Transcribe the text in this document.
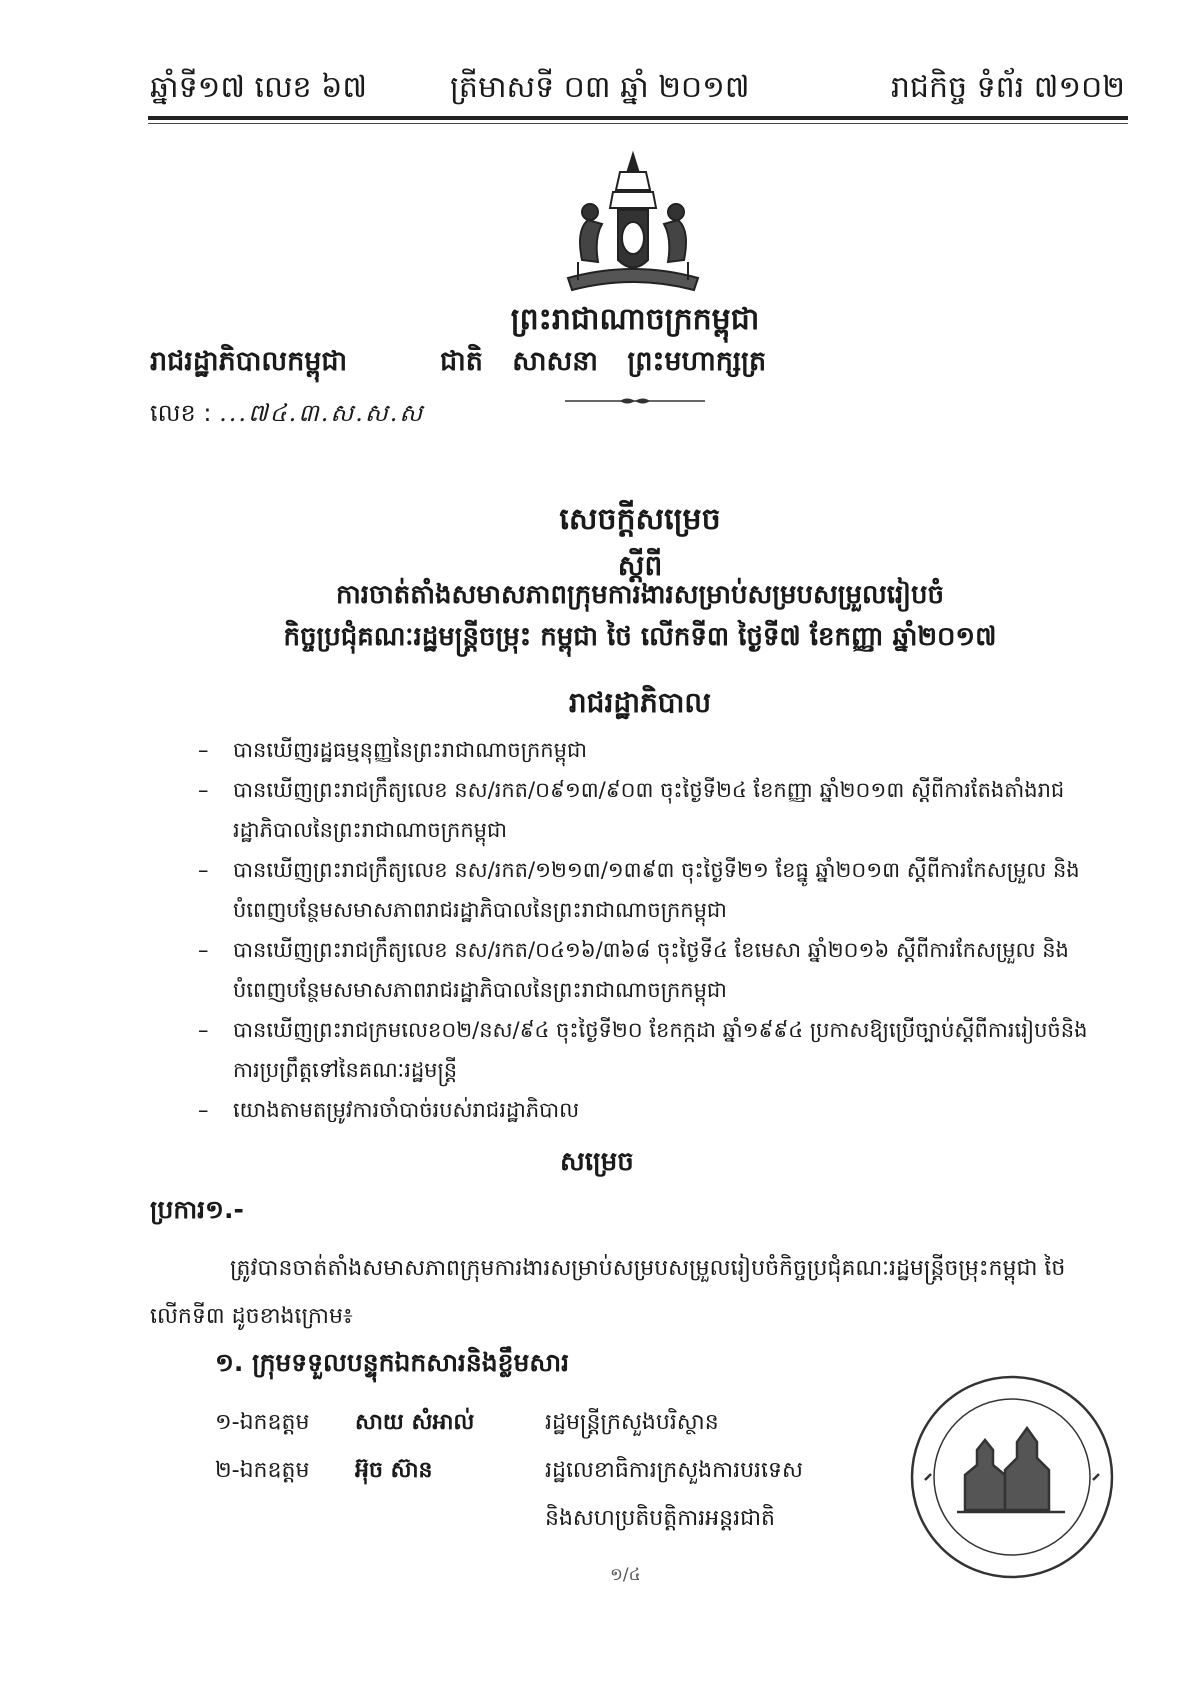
ឆ្នាំទី១៧ លេខ ៦៧	ត្រីមាសទី ០៣ ឆ្នាំ ២០១៧	រាជកិច្ច ទំព័រ ៧១០២
ព្រះរាជាណាចក្រកម្ពុជា
រាជរដ្ឋាភិបាលកម្ពុជា	ជាតិ សាសនា ព្រះមហាក្សត្រ
លេខ : ...៧៤.៣.ស.ស.ស
សេចក្តីសម្រេច
ស្តីពី
ការចាត់តាំងសមាសភាពក្រុមការងារសម្រាប់សម្របសម្រួលរៀបចំ
កិច្ចប្រជុំគណៈរដ្ឋមន្ត្រីចម្រុះ កម្ពុជា ថៃ លើកទី៣ ថ្ងៃទី៧ ខែកញ្ញា ឆ្នាំ២០១៧
រាជរដ្ឋាភិបាល
– បានឃើញរដ្ឋធម្មនុញ្ញនៃព្រះរាជាណាចក្រកម្ពុជា
– បានឃើញព្រះរាជក្រឹត្យលេខ នស/រកត/០៩១៣/៩០៣ ចុះថ្ងៃទី២៤ ខែកញ្ញា ឆ្នាំ២០១៣ ស្តីពីការតែងតាំងរាជរដ្ឋាភិបាលនៃព្រះរាជាណាចក្រកម្ពុជា
– បានឃើញព្រះរាជក្រឹត្យលេខ នស/រកត/១២១៣/១៣៩៣ ចុះថ្ងៃទី២១ ខែធ្នូ ឆ្នាំ២០១៣ ស្តីពីការកែសម្រួល និងបំពេញបន្ថែមសមាសភាពរាជរដ្ឋាភិបាលនៃព្រះរាជាណាចក្រកម្ពុជា
– បានឃើញព្រះរាជក្រឹត្យលេខ នស/រកត/០៤១៦/៣៦៨ ចុះថ្ងៃទី៤ ខែមេសា ឆ្នាំ២០១៦ ស្តីពីការកែសម្រួល និងបំពេញបន្ថែមសមាសភាពរាជរដ្ឋាភិបាលនៃព្រះរាជាណាចក្រកម្ពុជា
– បានឃើញព្រះរាជក្រមលេខ០២/នស/៩៤ ចុះថ្ងៃទី២០ ខែកក្កដា ឆ្នាំ១៩៩៤ ប្រកាសឱ្យប្រើច្បាប់ស្តីពីការរៀបចំនិងការប្រព្រឹត្តទៅនៃគណៈរដ្ឋមន្ត្រី
– យោងតាមតម្រូវការចាំបាច់របស់រាជរដ្ឋាភិបាល
សម្រេច
ប្រការ១.-
ត្រូវបានចាត់តាំងសមាសភាពក្រុមការងារសម្រាប់សម្របសម្រួលរៀបចំកិច្ចប្រជុំគណៈរដ្ឋមន្ត្រីចម្រុះកម្ពុជា ថៃ លើកទី៣ ដូចខាងក្រោម៖
១. ក្រុមទទួលបន្ទុកឯកសារនិងខ្លឹមសារ
១-ឯកឧត្តម សាយ សំអាល់	រដ្ឋមន្ត្រីក្រសួងបរិស្ថាន
២-ឯកឧត្តម អ៊ុច ស៊ាន	រដ្ឋលេខាធិការក្រសួងការបរទេស
និងសហប្រតិបត្តិការអន្តរជាតិ
១/៤
